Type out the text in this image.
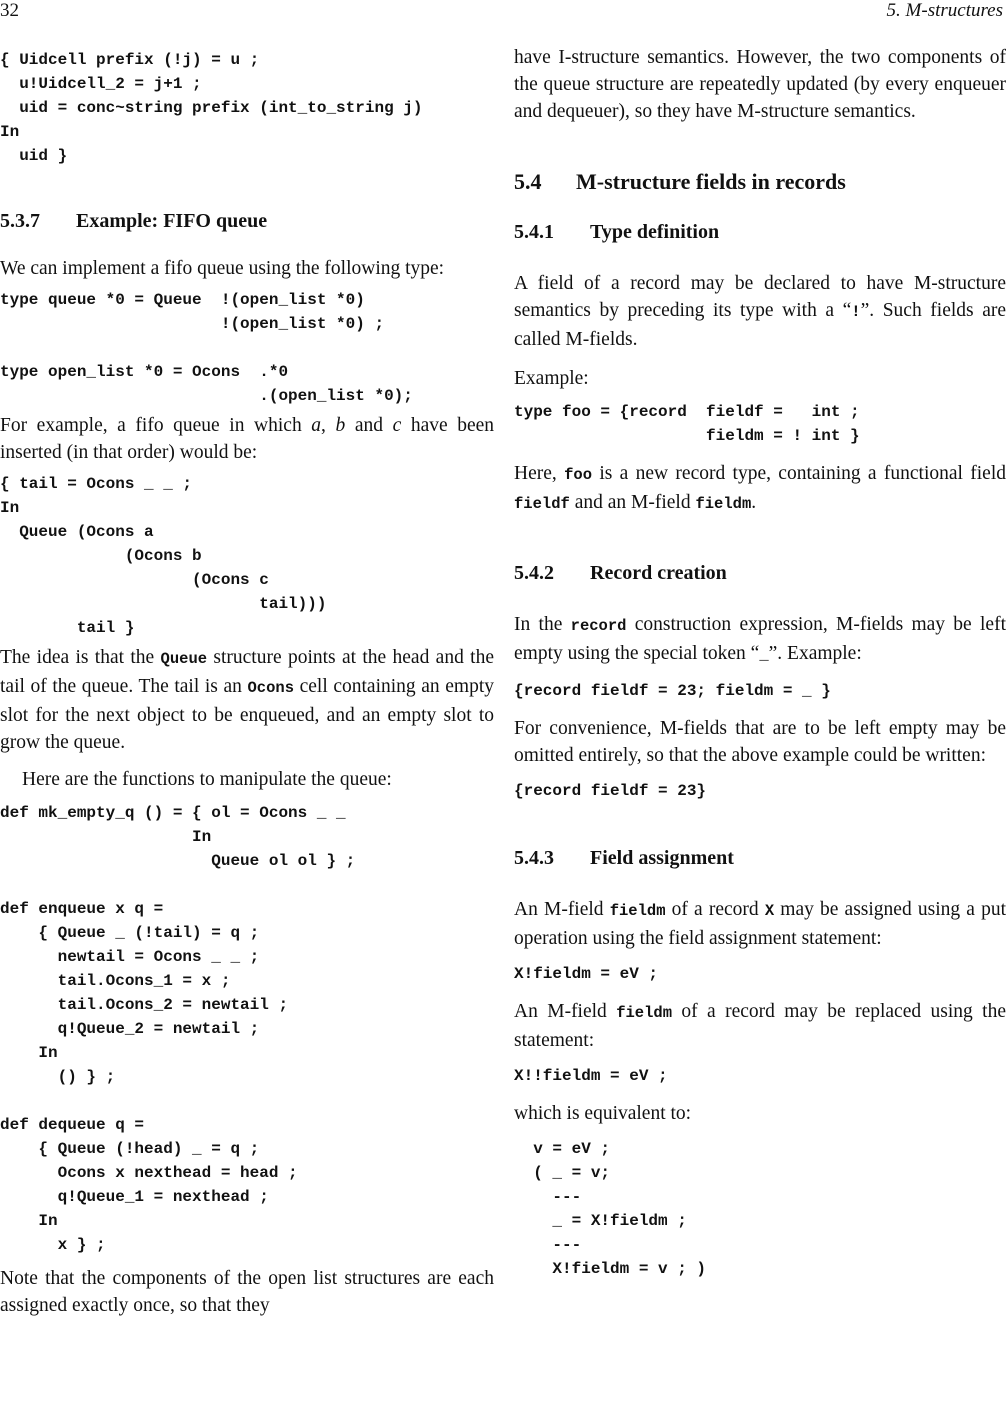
32	5. M-structures
{ Uidcell prefix (!j) = u ;
u!Uidcell_2 = j+1 ;
uid = conc~string prefix (int_to_string j)
In
uid }
5.3.7 Example: FIFO queue

We can implement a fifo queue using the following type:

type queue *0 = Queue  !(open_list *0)
!(open_list *0) ;

type open_list *0 = Ocons  .*0
.(open_list *0);

For example, a fifo queue in which a, b and c have been inserted (in that order) would be:

{ tail = Ocons _ _ ;
In
Queue (Ocons a
(Ocons b
(Ocons c
tail)))
tail }

The idea is that the Queue structure points at the head and the tail of the queue. The tail is an Ocons cell containing an empty slot for the next object to be enqueued, and an empty slot to grow the queue.

Here are the functions to manipulate the queue:

def mk_empty_q () = { ol = Ocons _ _
In
Queue ol ol } ;

def enqueue x q =
{ Queue _ (!tail) = q ;
newtail = Ocons _ _ ;
tail.Ocons_1 = x ;
tail.Ocons_2 = newtail ;
q!Queue_2 = newtail ;
In
() } ;

def dequeue q =
{ Queue (!head) _ = q ;
Ocons x nexthead = head ;
q!Queue_1 = nexthead ;
In
x } ;

Note that the components of the open list structures are each assigned exactly once, so that they

have I-structure semantics. However, the two components of the queue structure are repeatedly updated (by every enqueuer and dequeuer), so they have M-structure semantics.

5.4 M-structure fields in records
5.4.1 Type definition

A field of a record may be declared to have M-structure semantics by preceding its type with a “!”. Such fields are called M-fields.

Example:

type foo = {record  fieldf =   int ;
fieldm = ! int }

Here, foo is a new record type, containing a functional field fieldf and an M-field fieldm.

5.4.2 Record creation

In the record construction expression, M-fields may be left empty using the special token “_”. Example:

{record fieldf = 23; fieldm = _ }

For convenience, M-fields that are to be left empty may be omitted entirely, so that the above example could be written:

{record fieldf = 23}
5.4.3 Field assignment

An M-field fieldm of a record X may be assigned using a put operation using the field assignment statement:

X!fieldm = eV ;

An M-field fieldm of a record may be replaced using the statement:

X!!fieldm = eV ;

which is equivalent to:

v = eV ;
( _ = v;
---
_ = X!fieldm ;
---
X!fieldm = v ; )
